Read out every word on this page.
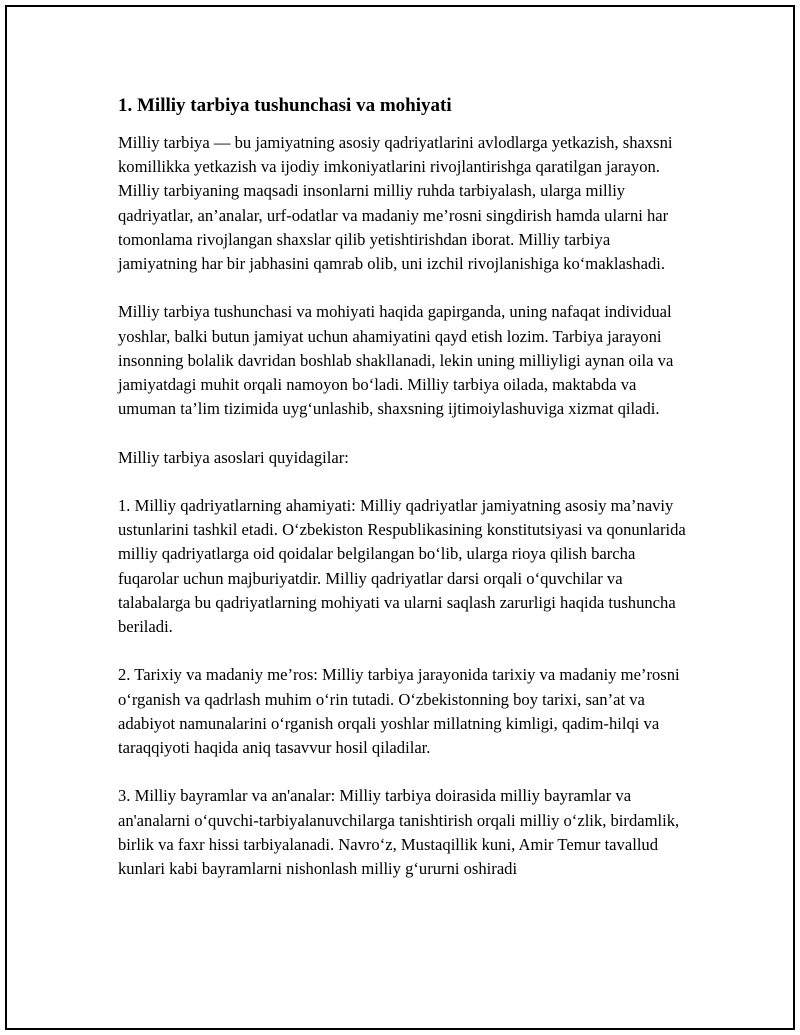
1. Milliy tarbiya tushunchasi va mohiyati

Milliy tarbiya — bu jamiyatning asosiy qadriyatlarini avlodlarga yetkazish, shaxsni komillikka yetkazish va ijodiy imkoniyatlarini rivojlantirishga qaratilgan jarayon. Milliy tarbiyaning maqsadi insonlarni milliy ruhda tarbiyalash, ularga milliy qadriyatlar, an’analar, urf-odatlar va madaniy me’rosni singdirish hamda ularni har tomonlama rivojlangan shaxslar qilib yetishtirishdan iborat. Milliy tarbiya jamiyatning har bir jabhasini qamrab olib, uni izchil rivojlanishiga ko‘maklashadi.

Milliy tarbiya tushunchasi va mohiyati haqida gapirganda, uning nafaqat individual yoshlar, balki butun jamiyat uchun ahamiyatini qayd etish lozim. Tarbiya jarayoni insonning bolalik davridan boshlab shakllanadi, lekin uning milliyligi aynan oila va jamiyatdagi muhit orqali namoyon bo‘ladi. Milliy tarbiya oilada, maktabda va umuman ta’lim tizimida uyg‘unlashib, shaxsning ijtimoiylashuviga xizmat qiladi.

Milliy tarbiya asoslari quyidagilar:

1. Milliy qadriyatlarning ahamiyati: Milliy qadriyatlar jamiyatning asosiy ma’naviy ustunlarini tashkil etadi. O‘zbekiston Respublikasining konstitutsiyasi va qonunlarida milliy qadriyatlarga oid qoidalar belgilangan bo‘lib, ularga rioya qilish barcha fuqarolar uchun majburiyatdir. Milliy qadriyatlar darsi orqali o‘quvchilar va talabalarga bu qadriyatlarning mohiyati va ularni saqlash zarurligi haqida tushuncha beriladi.

2. Tarixiy va madaniy me’ros: Milliy tarbiya jarayonida tarixiy va madaniy me’rosni o‘rganish va qadrlash muhim o‘rin tutadi. O‘zbekistonning boy tarixi, san’at va adabiyot namunalarini o‘rganish orqali yoshlar millatning kimligi, qadim-hilqi va taraqqiyoti haqida aniq tasavvur hosil qiladilar.

3. Milliy bayramlar va an'analar: Milliy tarbiya doirasida milliy bayramlar va an'analarni o‘quvchi-tarbiyalanuvchilarga tanishtirish orqali milliy o‘zlik, birdamlik, birlik va faxr hissi tarbiyalanadi. Navro‘z, Mustaqillik kuni, Amir Temur tavallud kunlari kabi bayramlarni nishonlash milliy g‘ururni oshiradi
